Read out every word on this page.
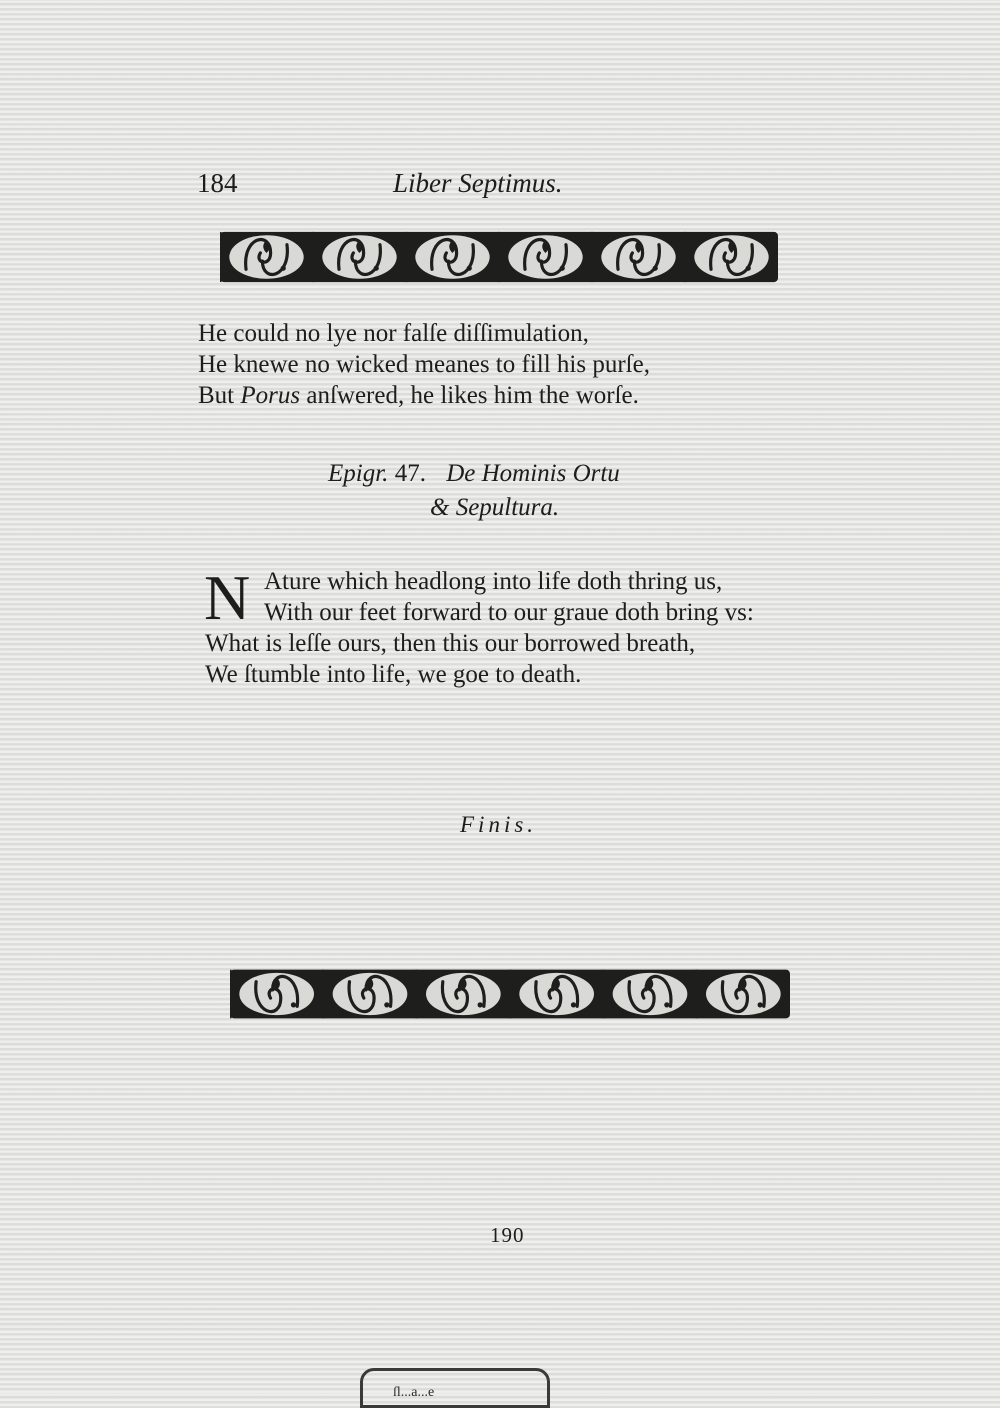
184	Liber Septimus.
He could no lye nor falſe diſſimulation,
He knewe no wicked meanes to fill his purſe,
But Porus anſwered, he likes him the worſe.
Epigr. 47. De Hominis Ortu
& Sepultura.
N Ature which headlong into life doth thring us,
With our feet forward to our graue doth bring vs:
What is leſſe ours, then this our borrowed breath,
We ſtumble into life, we goe to death.
Finis.
190
ſl...a...e
